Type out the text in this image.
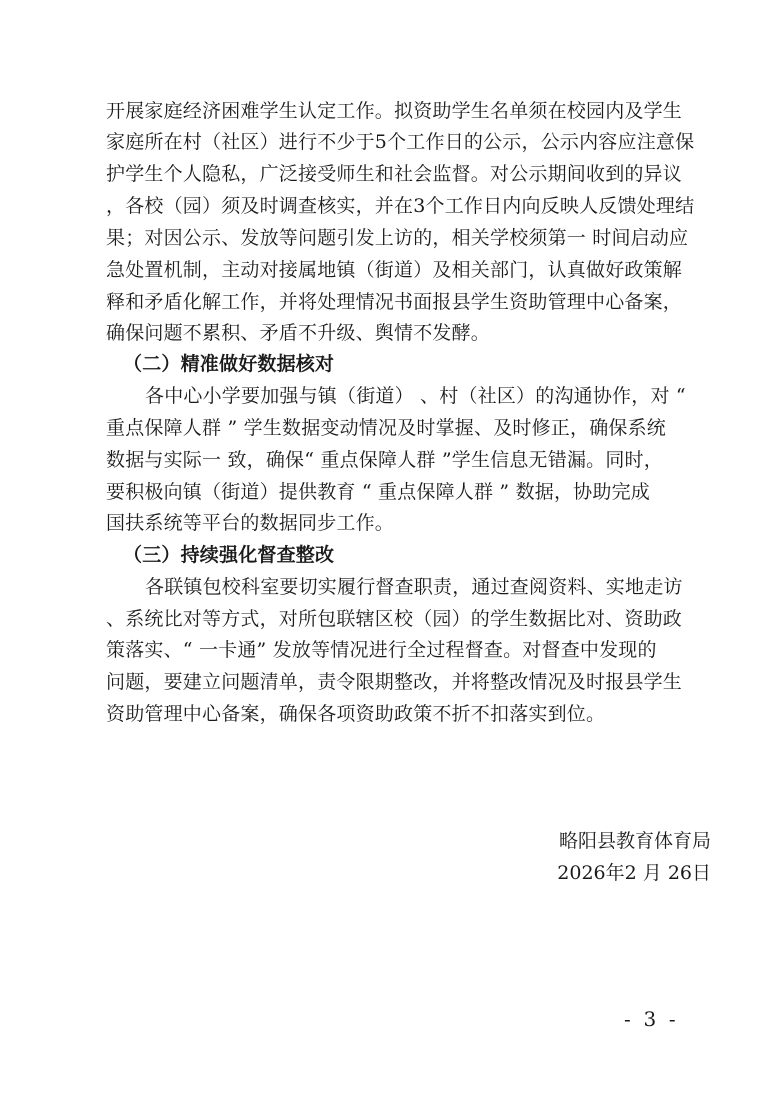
开展家庭经济困难学生认定工作。拟资助学生名单须在校园内及学生
家庭所在村（社区）进行不少于5个工作日的公示，公示内容应注意保
护学生个人隐私，广泛接受师生和社会监督。对公示期间收到的异议
，各校（园）须及时调查核实，并在3个工作日内向反映人反馈处理结
果；对因公示、发放等问题引发上访的，相关学校须第一 时间启动应
急处置机制，主动对接属地镇（街道）及相关部门，认真做好政策解
释和矛盾化解工作，并将处理情况书面报县学生资助管理中心备案，
确保问题不累积、矛盾不升级、舆情不发酵。
（二）精准做好数据核对
各中心小学要加强与镇（街道） 、村（社区）的沟通协作，对 “
重点保障人群 ” 学生数据变动情况及时掌握、及时修正，确保系统
数据与实际一 致，确保“ 重点保障人群 ”学生信息无错漏。同时，
要积极向镇（街道）提供教育 “ 重点保障人群 ” 数据，协助完成
国扶系统等平台的数据同步工作。
（三）持续强化督查整改
各联镇包校科室要切实履行督查职责，通过查阅资料、实地走访
、系统比对等方式，对所包联辖区校（园）的学生数据比对、资助政
策落实、“ 一卡通” 发放等情况进行全过程督查。对督查中发现的
问题，要建立问题清单，责令限期整改，并将整改情况及时报县学生
资助管理中心备案，确保各项资助政策不折不扣落实到位。
略阳县教育体育局
2026年2 月 26日
-  3  -
